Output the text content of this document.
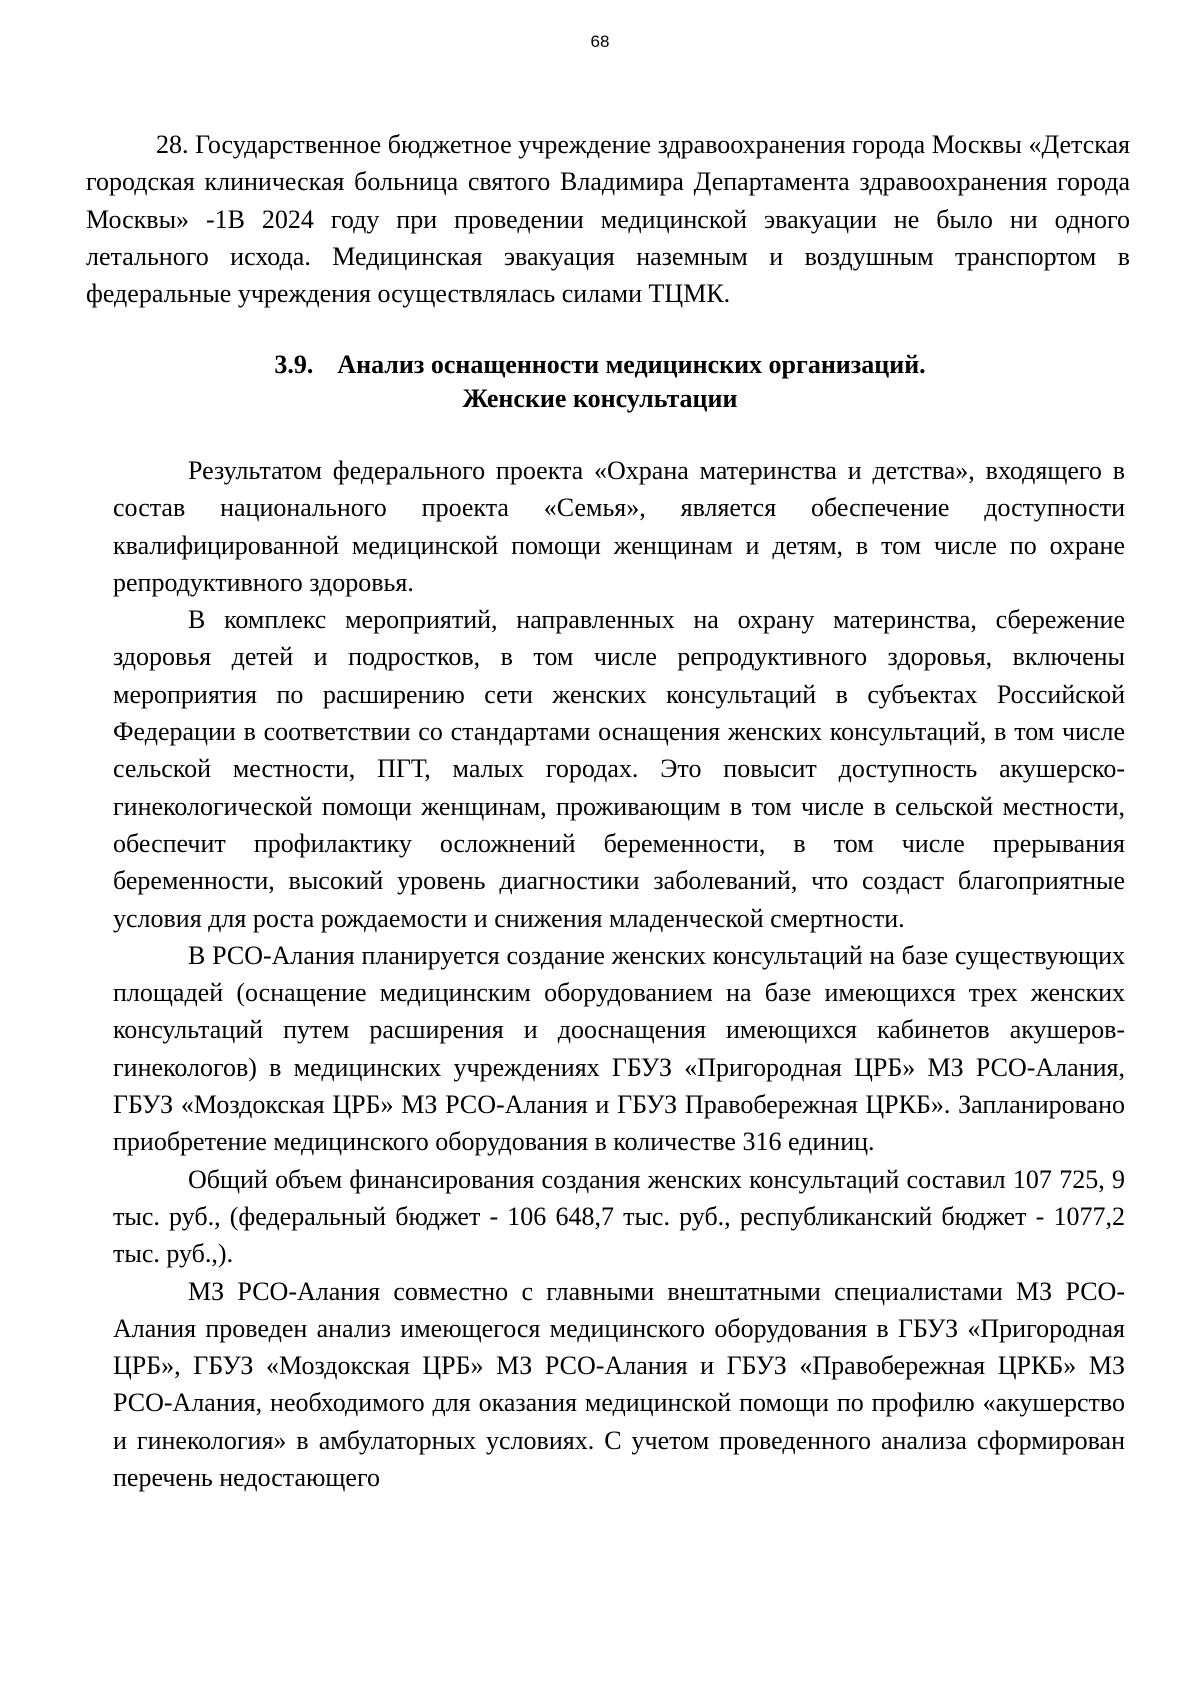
68

28. Государственное бюджетное учреждение здравоохранения города Москвы «Детская городская клиническая больница святого Владимира Департамента здравоохранения города Москвы» -1В 2024 году при проведении медицинской эвакуации не было ни одного летального исхода. Медицинская эвакуация наземным и воздушным транспортом в федеральные учреждения осуществлялась силами ТЦМК.

3.9. Анализ оснащенности медицинских организаций.
Женские консультации

Результатом федерального проекта «Охрана материнства и детства», входящего в состав национального проекта «Семья», является обеспечение доступности квалифицированной медицинской помощи женщинам и детям, в том числе по охране репродуктивного здоровья.

В комплекс мероприятий, направленных на охрану материнства, сбережение здоровья детей и подростков, в том числе репродуктивного здоровья, включены мероприятия по расширению сети женских консультаций в субъектах Российской Федерации в соответствии со стандартами оснащения женских консультаций, в том числе сельской местности, ПГТ, малых городах. Это повысит доступность акушерско-гинекологической помощи женщинам, проживающим в том числе в сельской местности, обеспечит профилактику осложнений беременности, в том числе прерывания беременности, высокий уровень диагностики заболеваний, что создаст благоприятные условия для роста рождаемости и снижения младенческой смертности.

В РСО-Алания планируется создание женских консультаций на базе существующих площадей (оснащение медицинским оборудованием на базе имеющихся трех женских консультаций путем расширения и дооснащения имеющихся кабинетов акушеров-гинекологов) в медицинских учреждениях ГБУЗ «Пригородная ЦРБ» МЗ РСО-Алания, ГБУЗ «Моздокская ЦРБ» МЗ РСО-Алания и ГБУЗ Правобережная ЦРКБ». Запланировано приобретение медицинского оборудования в количестве 316 единиц.

Общий объем финансирования создания женских консультаций составил 107 725, 9 тыс. руб., (федеральный бюджет - 106 648,7 тыс. руб., республиканский бюджет - 1077,2 тыс. руб.,).

МЗ РСО-Алания совместно с главными внештатными специалистами МЗ РСО-Алания проведен анализ имеющегося медицинского оборудования в ГБУЗ «Пригородная ЦРБ», ГБУЗ «Моздокская ЦРБ» МЗ РСО-Алания и ГБУЗ «Правобережная ЦРКБ» МЗ РСО-Алания, необходимого для оказания медицинской помощи по профилю «акушерство и гинекология» в амбулаторных условиях. С учетом проведенного анализа сформирован перечень недостающего
